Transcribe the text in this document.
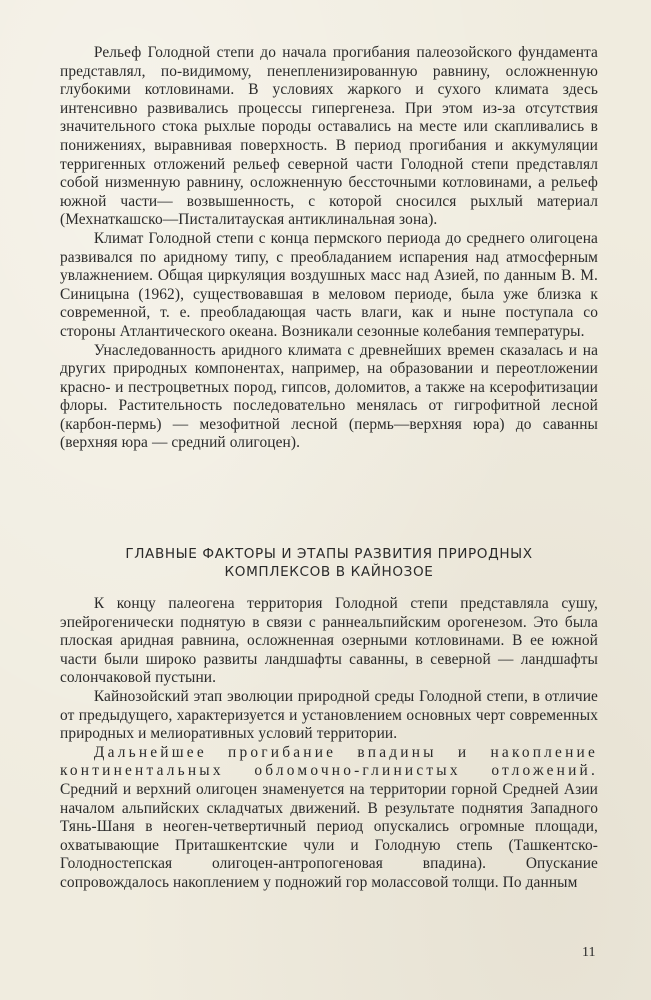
Рельеф Голодной степи до начала прогибания палеозойского фундамента представлял, по-видимому, пенепленизированную равнину, осложненную глубокими котловинами. В условиях жаркого и сухого климата здесь интенсивно развивались процессы гипергенеза. При этом из-за отсутствия значительного стока рыхлые породы оставались на месте или скапливались в понижениях, выравнивая поверхность. В период прогибания и аккумуляции терригенных отложений рельеф северной части Голодной степи представлял собой низменную равнину, осложненную бессточными котловинами, а рельеф южной части— возвышенность, с которой сносился рыхлый материал (Мехнаткашско—Писталитауская антиклинальная зона).

Климат Голодной степи с конца пермского периода до среднего олигоцена развивался по аридному типу, с преобладанием испарения над атмосферным увлажнением. Общая циркуляция воздушных масс над Азией, по данным В. М. Синицына (1962), существовавшая в меловом периоде, была уже близка к современной, т. е. преобладающая часть влаги, как и ныне поступала со стороны Атлантического океана. Возникали сезонные колебания температуры.

Унаследованность аридного климата с древнейших времен сказалась и на других природных компонентах, например, на образовании и переотложении красно- и пестроцветных пород, гипсов, доломитов, а также на ксерофитизации флоры. Растительность последовательно менялась от гигрофитной лесной (карбон-пермь) — мезофитной лесной (пермь—верхняя юра) до саванны (верхняя юра — средний олигоцен).

ГЛАВНЫЕ ФАКТОРЫ И ЭТАПЫ РАЗВИТИЯ ПРИРОДНЫХ
КОМПЛЕКСОВ В КАЙНОЗОЕ

К концу палеогена территория Голодной степи представляла сушу, эпейрогенически поднятую в связи с раннеальпийским орогенезом. Это была плоская аридная равнина, осложненная озерными котловинами. В ее южной части были широко развиты ландшафты саванны, в северной — ландшафты солончаковой пустыни.

Кайнозойский этап эволюции природной среды Голодной степи, в отличие от предыдущего, характеризуется и установлением основных черт современных природных и мелиоративных условий территории.

Дальнейшее прогибание впадины и накопление континентальных обломочно-глинистых отложений. Средний и верхний олигоцен знаменуется на территории горной Средней Азии началом альпийских складчатых движений. В результате поднятия Западного Тянь-Шаня в неоген-четвертичный период опускались огромные площади, охватывающие Приташкентские чули и Голодную степь (Ташкентско-Голодностепская олигоцен-антропогеновая впадина). Опускание сопровождалось накоплением у подножий гор молассовой толщи. По данным

11
